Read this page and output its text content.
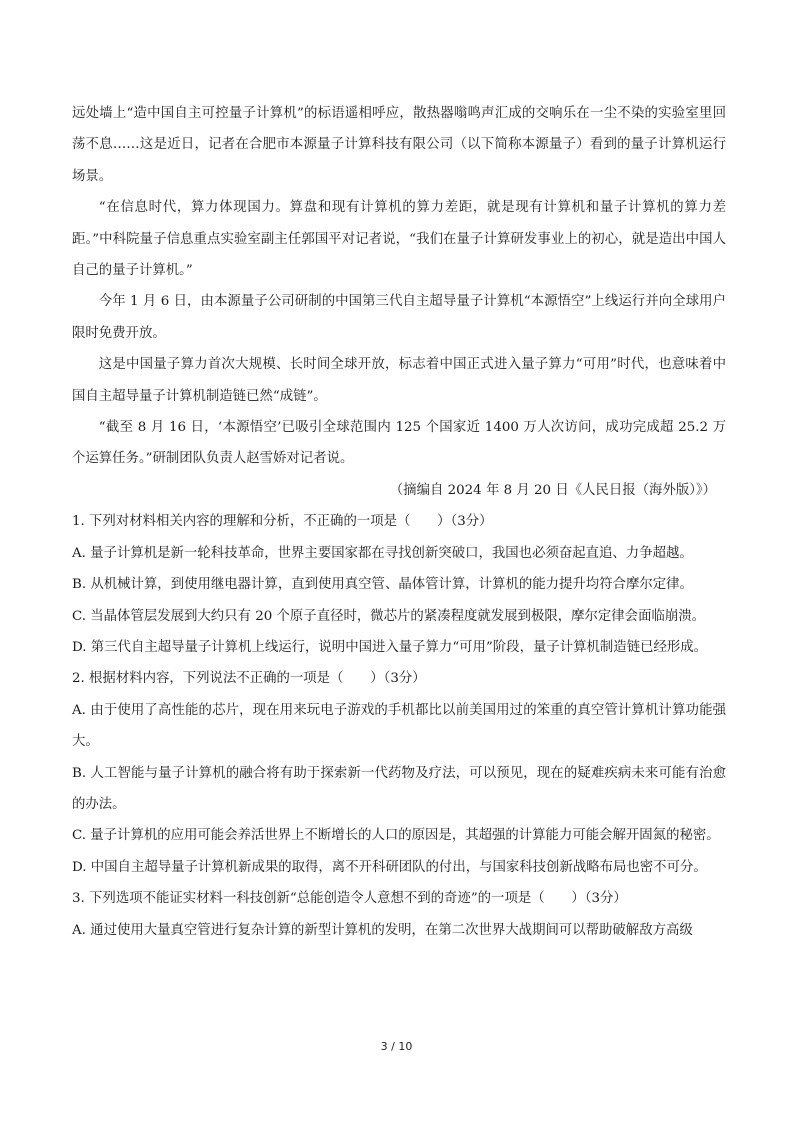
远处墙上“造中国自主可控量子计算机”的标语遥相呼应，散热器嗡鸣声汇成的交响乐在一尘不染的实验室里回荡不息……这是近日，记者在合肥市本源量子计算科技有限公司（以下简称本源量子）看到的量子计算机运行场景。

“在信息时代，算力体现国力。算盘和现有计算机的算力差距，就是现有计算机和量子计算机的算力差距。”中科院量子信息重点实验室副主任郭国平对记者说，“我们在量子计算研发事业上的初心，就是造出中国人自己的量子计算机。”

今年 1 月 6 日，由本源量子公司研制的中国第三代自主超导量子计算机“本源悟空”上线运行并向全球用户限时免费开放。

这是中国量子算力首次大规模、长时间全球开放，标志着中国正式进入量子算力“可用”时代，也意味着中国自主超导量子计算机制造链已然“成链”。

“截至 8 月 16 日，‘本源悟空’已吸引全球范围内 125 个国家近 1400 万人次访问，成功完成超 25.2 万个运算任务。”研制团队负责人赵雪娇对记者说。

（摘编自 2024 年 8 月 20 日《人民日报（海外版）》）

1. 下列对材料相关内容的理解和分析，不正确的一项是（　　）（3分）

A. 量子计算机是新一轮科技革命，世界主要国家都在寻找创新突破口，我国也必须奋起直追、力争超越。

B. 从机械计算，到使用继电器计算，直到使用真空管、晶体管计算，计算机的能力提升均符合摩尔定律。

C. 当晶体管层发展到大约只有 20 个原子直径时，微芯片的紧凑程度就发展到极限，摩尔定律会面临崩溃。

D. 第三代自主超导量子计算机上线运行，说明中国进入量子算力“可用”阶段，量子计算机制造链已经形成。

2. 根据材料内容，下列说法不正确的一项是（　　）（3分）

A. 由于使用了高性能的芯片，现在用来玩电子游戏的手机都比以前美国用过的笨重的真空管计算机计算功能强大。

B. 人工智能与量子计算机的融合将有助于探索新一代药物及疗法，可以预见，现在的疑难疾病未来可能有治愈的办法。

C. 量子计算机的应用可能会养活世界上不断增长的人口的原因是，其超强的计算能力可能会解开固氮的秘密。

D. 中国自主超导量子计算机新成果的取得，离不开科研团队的付出，与国家科技创新战略布局也密不可分。

3. 下列选项不能证实材料一科技创新“总能创造令人意想不到的奇迹”的一项是（　　）（3分）

A. 通过使用大量真空管进行复杂计算的新型计算机的发明，在第二次世界大战期间可以帮助破解敌方高级

3 / 10
